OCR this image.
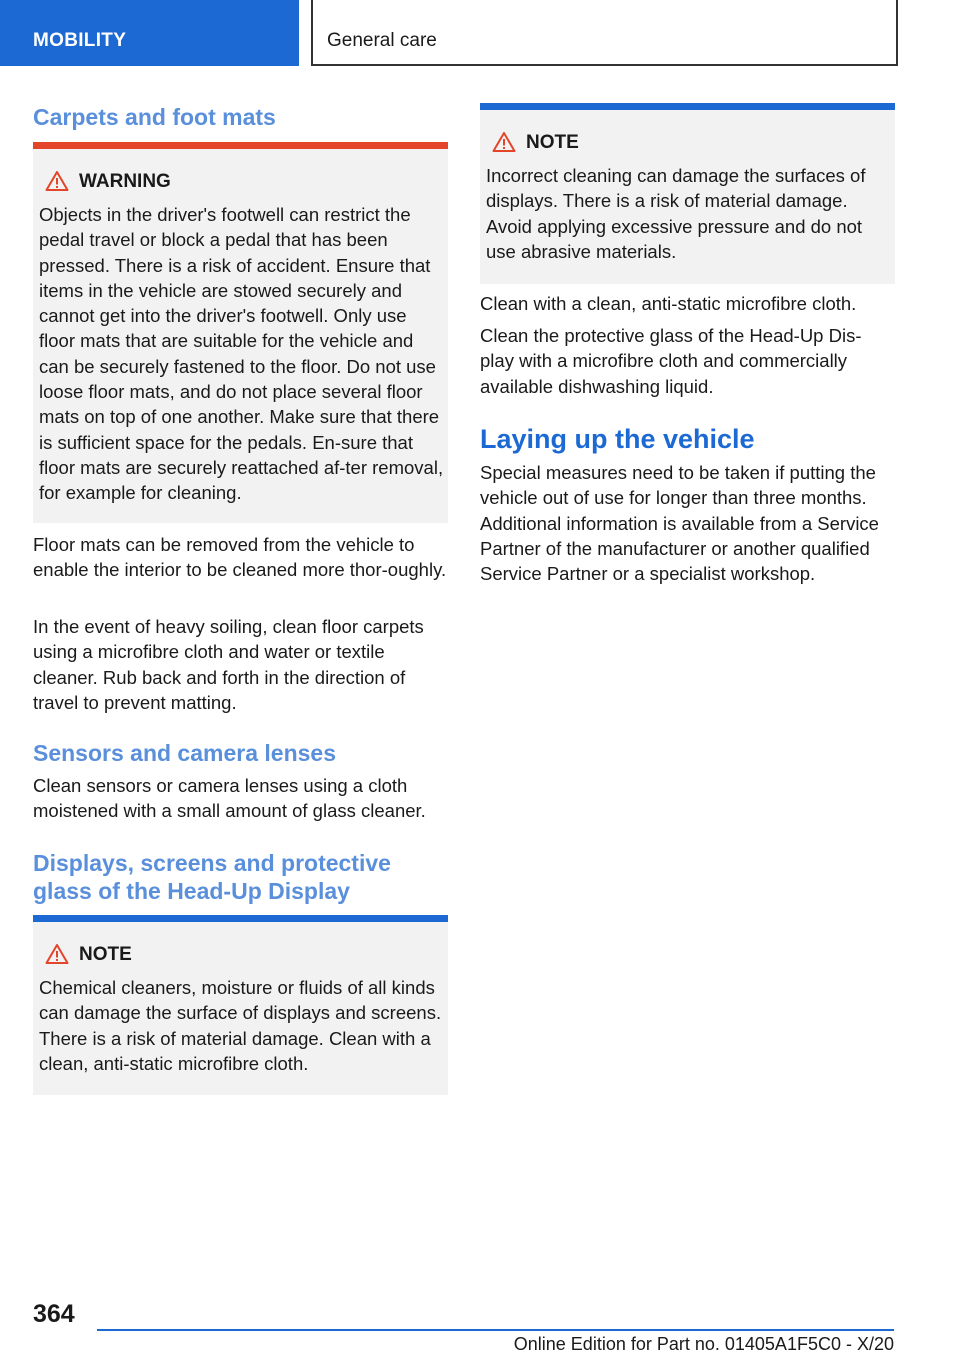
MOBILITY	General care
Carpets and foot mats
WARNING

Objects in the driver's footwell can restrict the pedal travel or block a pedal that has been pressed. There is a risk of accident. Ensure that items in the vehicle are stowed securely and cannot get into the driver's footwell. Only use floor mats that are suitable for the vehicle and can be securely fastened to the floor. Do not use loose floor mats, and do not place several floor mats on top of one another. Make sure that there is sufficient space for the pedals. En-sure that floor mats are securely reattached af-ter removal, for example for cleaning.

Floor mats can be removed from the vehicle to enable the interior to be cleaned more thor-oughly.

In the event of heavy soiling, clean floor carpets using a microfibre cloth and water or textile cleaner. Rub back and forth in the direction of travel to prevent matting.

Sensors and camera lenses

Clean sensors or camera lenses using a cloth moistened with a small amount of glass cleaner.

Displays, screens and protective
glass of the Head-Up Display
NOTE

Chemical cleaners, moisture or fluids of all kinds can damage the surface of displays and screens. There is a risk of material damage. Clean with a clean, anti-static microfibre cloth.

NOTE

Incorrect cleaning can damage the surfaces of displays. There is a risk of material damage. Avoid applying excessive pressure and do not use abrasive materials.

Clean with a clean, anti-static microfibre cloth.

Clean the protective glass of the Head-Up Dis-play with a microfibre cloth and commercially available dishwashing liquid.

Laying up the vehicle

Special measures need to be taken if putting the vehicle out of use for longer than three months. Additional information is available from a Service Partner of the manufacturer or another qualified Service Partner or a specialist workshop.

364
Online Edition for Part no. 01405A1F5C0 - X/20
